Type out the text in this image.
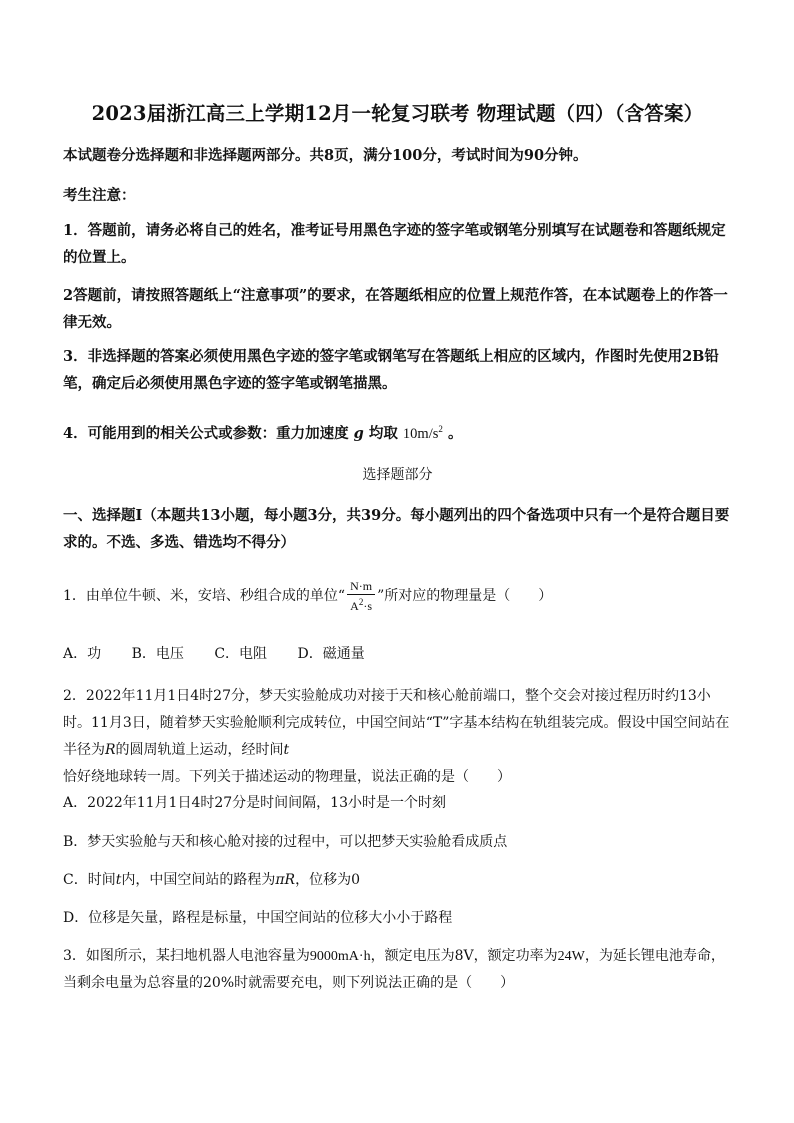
2023届浙江高三上学期12月一轮复习联考 物理试题（四）（含答案）
本试题卷分选择题和非选择题两部分。共8页，满分100分，考试时间为90分钟。
考生注意：
1．答题前，请务必将自己的姓名，准考证号用黑色字迹的签字笔或钢笔分别填写在试题卷和答题纸规定的位置上。
2答题前，请按照答题纸上“注意事项”的要求，在答题纸相应的位置上规范作答，在本试题卷上的作答一律无效。
3．非选择题的答案必须使用黑色字迹的签字笔或钢笔写在答题纸上相应的区域内，作图时先使用2B铅笔，确定后必须使用黑色字迹的签字笔或钢笔描黑。
4．可能用到的相关公式或参数：重力加速度 g 均取 $10m/s^2$ 。
选择题部分
一、选择题Ⅰ（本题共13小题，每小题3分，共39分。每小题列出的四个备选项中只有一个是符合题目要求的。不选、多选、错选均不得分）
1．由单位牛顿、米，安培、秒组合成的单位“ $\frac{N\cdot m}{A^2\cdot s}$ ”所对应的物理量是（　　）
A．功 B．电压 C．电阻 D．磁通量
2．2022年11月1日4时27分，梦天实验舱成功对接于天和核心舱前端口，整个交会对接过程历时约13小时。11月3日，随着梦天实验舱顺利完成转位，中国空间站“T”字基本结构在轨组装完成。假设中国空间站在半径为R的圆周轨道上运动，经时间t恰好绕地球转一周。下列关于描述运动的物理量，说法正确的是（　　）
A．2022年11月1日4时27分是时间间隔，13小时是一个时刻
B．梦天实验舱与天和核心舱对接的过程中，可以把梦天实验舱看成质点
C．时间t内，中国空间站的路程为πR，位移为0
D．位移是矢量，路程是标量，中国空间站的位移大小小于路程
3．如图所示，某扫地机器人电池容量为9000mA·h，额定电压为8V，额定功率为24W，为延长锂电池寿命，当剩余电量为总容量的20%时就需要充电，则下列说法正确的是（　　）
